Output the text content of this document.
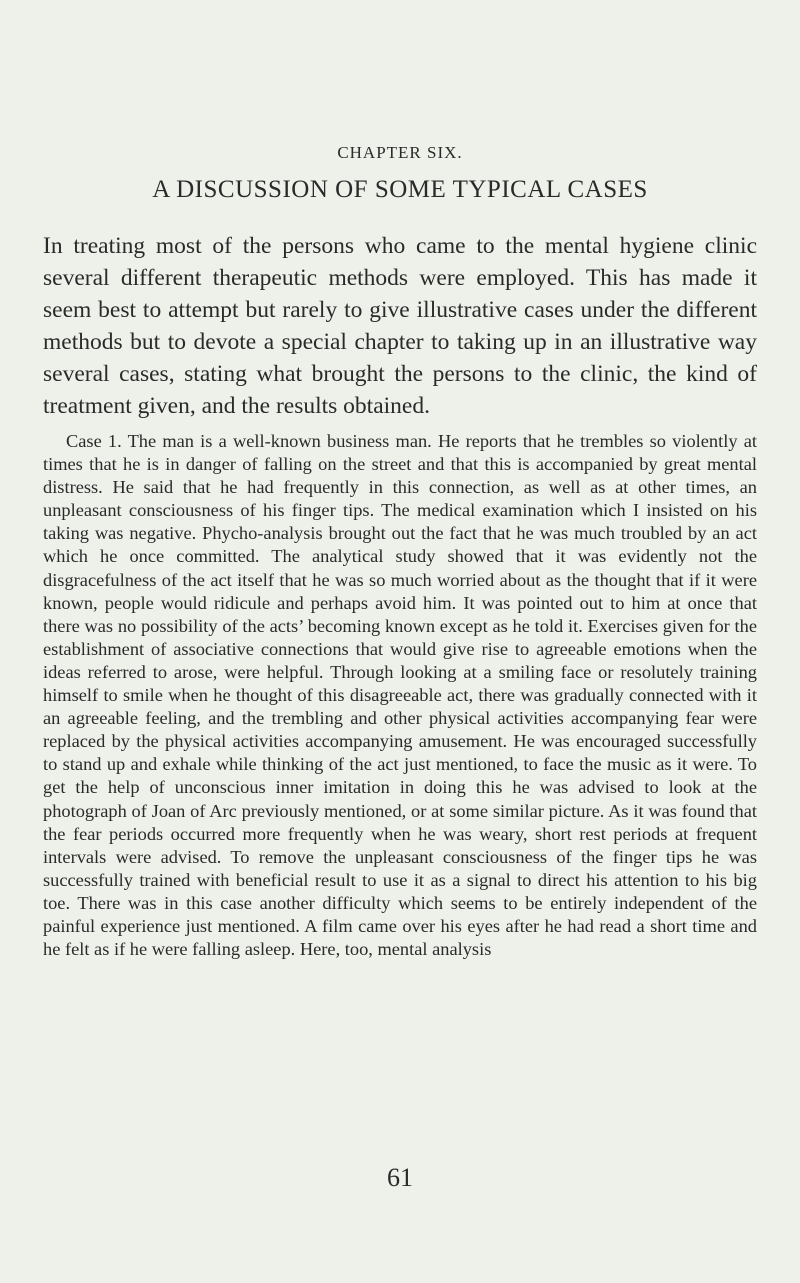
CHAPTER SIX.
A DISCUSSION OF SOME TYPICAL CASES

In treating most of the persons who came to the mental hygiene clinic several different therapeutic methods were employed. This has made it seem best to attempt but rarely to give illustrative cases under the different methods but to devote a special chapter to taking up in an illustrative way several cases, stating what brought the persons to the clinic, the kind of treatment given, and the results obtained.

Case 1. The man is a well-known business man. He reports that he trembles so violently at times that he is in danger of falling on the street and that this is accompanied by great mental distress. He said that he had frequently in this connection, as well as at other times, an unpleasant consciousness of his finger tips. The medical examination which I insisted on his taking was negative. Phycho-analysis brought out the fact that he was much troubled by an act which he once committed. The analytical study showed that it was evidently not the disgracefulness of the act itself that he was so much worried about as the thought that if it were known, people would ridicule and perhaps avoid him. It was pointed out to him at once that there was no possibility of the acts’ becoming known except as he told it. Exercises given for the establishment of associative connections that would give rise to agreeable emotions when the ideas referred to arose, were helpful. Through looking at a smiling face or resolutely training himself to smile when he thought of this disagreeable act, there was gradually connected with it an agreeable feeling, and the trembling and other physical activities accompanying fear were replaced by the physical activities accompanying amusement. He was encouraged successfully to stand up and exhale while thinking of the act just mentioned, to face the music as it were. To get the help of unconscious inner imitation in doing this he was advised to look at the photograph of Joan of Arc previously mentioned, or at some similar picture. As it was found that the fear periods occurred more frequently when he was weary, short rest periods at frequent intervals were advised. To remove the unpleasant consciousness of the finger tips he was successfully trained with beneficial result to use it as a signal to direct his attention to his big toe. There was in this case another difficulty which seems to be entirely independent of the painful experience just mentioned. A film came over his eyes after he had read a short time and he felt as if he were falling asleep. Here, too, mental analysis

61
